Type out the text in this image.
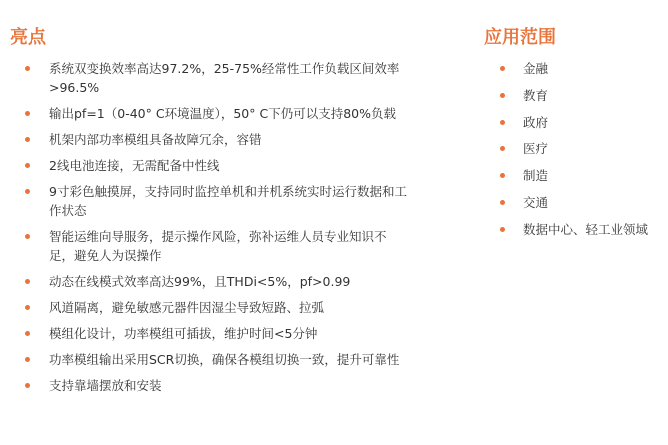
亮点
系统双变换效率高达97.2%，25-75%经常性工作负载区间效率>96.5%
输出pf=1（0-40° C环境温度），50° C下仍可以支持80%负载
机架内部功率模组具备故障冗余，容错
2线电池连接，无需配备中性线
9寸彩色触摸屏，支持同时监控单机和并机系统实时运行数据和工作状态
智能运维向导服务，提示操作风险，弥补运维人员专业知识不足，避免人为误操作
动态在线模式效率高达99%，且THDi<5%，pf>0.99
风道隔离，避免敏感元器件因湿尘导致短路、拉弧
模组化设计，功率模组可插拔，维护时间<5分钟
功率模组输出采用SCR切换，确保各模组切换一致，提升可靠性
支持靠墙摆放和安装
应用范围
金融
教育
政府
医疗
制造
交通
数据中心、轻工业领域
